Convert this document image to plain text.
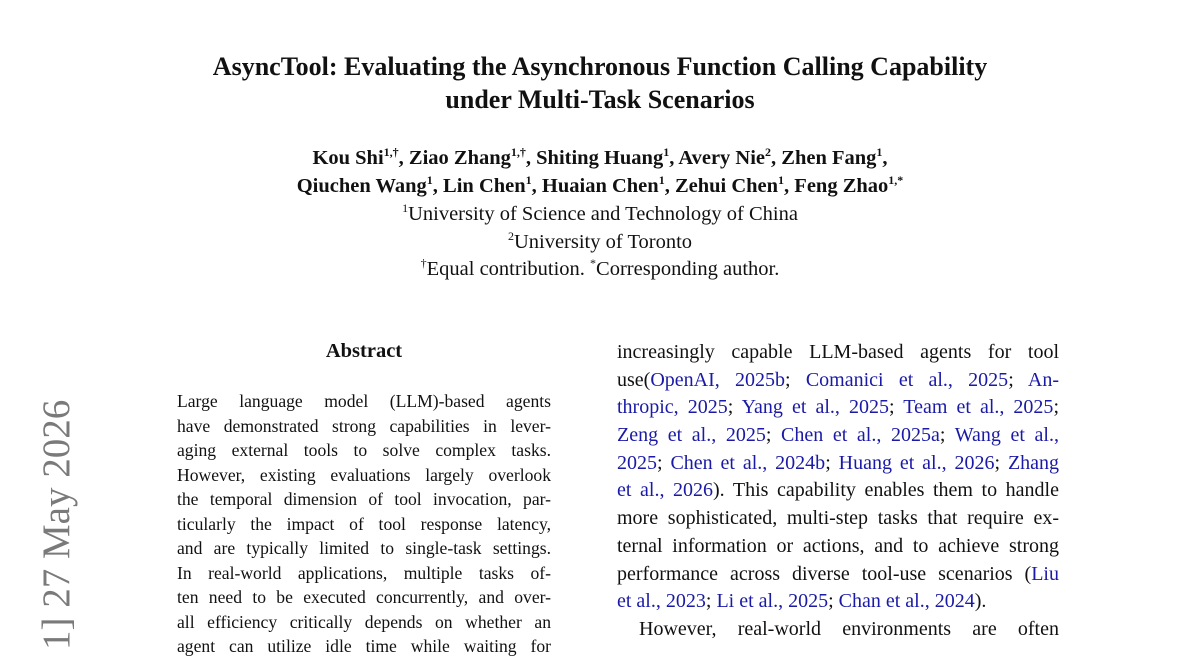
AsyncTool: Evaluating the Asynchronous Function Calling Capability
under Multi-Task Scenarios
Kou Shi$^{1,\dagger}$, Ziao Zhang$^{1,\dagger}$, Shiting Huang$^1$, Avery Nie$^2$, Zhen Fang$^1$,
Qiuchen Wang$^1$, Lin Chen$^1$, Huaian Chen$^1$, Zehui Chen$^1$, Feng Zhao$^{1,*}$
$^1$University of Science and Technology of China
$^2$University of Toronto
†Equal contribution. *Corresponding author.
1] 27 May 2026
Abstract
Large language model (LLM)-based agents
have demonstrated strong capabilities in lever-
aging external tools to solve complex tasks.
However, existing evaluations largely overlook
the temporal dimension of tool invocation, par-
ticularly the impact of tool response latency,
and are typically limited to single-task settings.
In real-world applications, multiple tasks of-
ten need to be executed concurrently, and over-
all efficiency critically depends on whether an
agent can utilize idle time while waiting for
increasingly capable LLM-based agents for tool
use(OpenAI, 2025b; Comanici et al., 2025; An-
thropic, 2025; Yang et al., 2025; Team et al., 2025;
Zeng et al., 2025; Chen et al., 2025a; Wang et al.,
2025; Chen et al., 2024b; Huang et al., 2026; Zhang
et al., 2026). This capability enables them to handle
more sophisticated, multi-step tasks that require ex-
ternal information or actions, and to achieve strong
performance across diverse tool-use scenarios (Liu
et al., 2023; Li et al., 2025; Chan et al., 2024).
However, real-world environments are often
